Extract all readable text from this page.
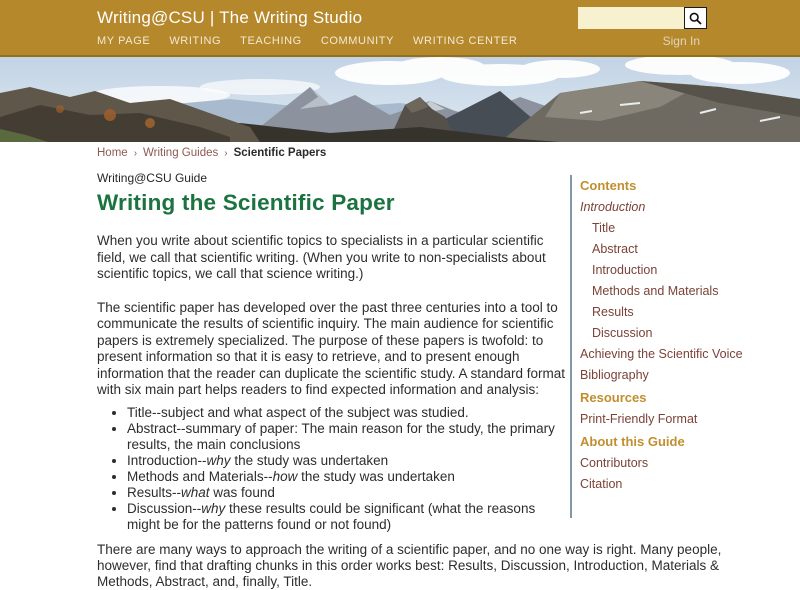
Writing@CSU | The Writing Studio
MY PAGE WRITING TEACHING COMMUNITY WRITING CENTER	Sign In
Home › Writing Guides › Scientific Papers
Writing@CSU Guide
Writing the Scientific Paper

When you write about scientific topics to specialists in a particular scientific field, we call that scientific writing. (When you write to non-specialists about scientific topics, we call that science writing.)

The scientific paper has developed over the past three centuries into a tool to communicate the results of scientific inquiry. The main audience for scientific papers is extremely specialized. The purpose of these papers is twofold: to present information so that it is easy to retrieve, and to present enough information that the reader can duplicate the scientific study. A standard format with six main part helps readers to find expected information and analysis:

• Title--subject and what aspect of the subject was studied.
• Abstract--summary of paper: The main reason for the study, the primary results, the main conclusions
• Introduction--why the study was undertaken
• Methods and Materials--how the study was undertaken
• Results--what was found
• Discussion--why these results could be significant (what the reasons might be for the patterns found or not found)
Contents
Introduction
Title
Abstract
Introduction
Methods and Materials
Results
Discussion
Achieving the Scientific Voice
Bibliography
Resources
Print-Friendly Format
About this Guide
Contributors
Citation

There are many ways to approach the writing of a scientific paper, and no one way is right. Many people, however, find that drafting chunks in this order works best: Results, Discussion, Introduction, Materials & Methods, Abstract, and, finally, Title.
